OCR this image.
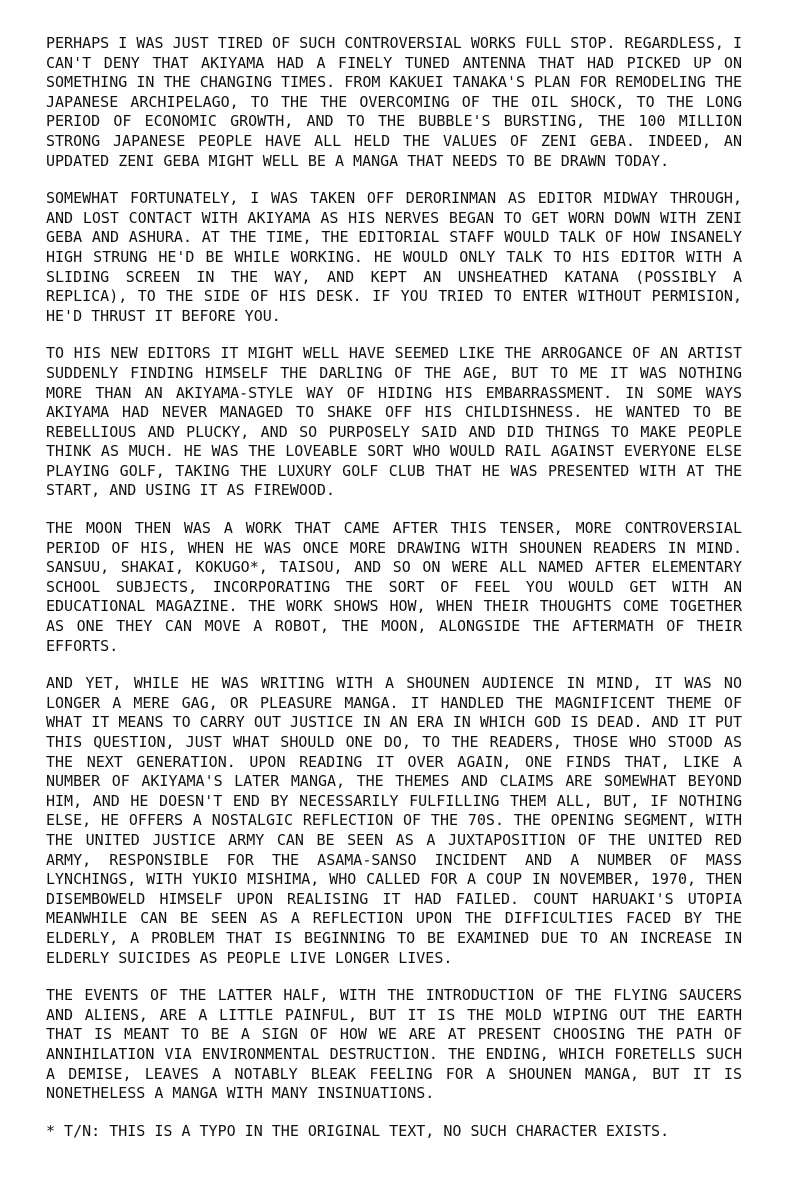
PERHAPS I WAS JUST TIRED OF SUCH CONTROVERSIAL WORKS FULL STOP. REGARDLESS, I CAN'T DENY THAT AKIYAMA HAD A FINELY TUNED ANTENNA THAT HAD PICKED UP ON SOMETHING IN THE CHANGING TIMES. FROM KAKUEI TANAKA'S PLAN FOR REMODELING THE JAPANESE ARCHIPELAGO, TO THE THE OVERCOMING OF THE OIL SHOCK, TO THE LONG PERIOD OF ECONOMIC GROWTH, AND TO THE BUBBLE'S BURSTING, THE 100 MILLION STRONG JAPANESE PEOPLE HAVE ALL HELD THE VALUES OF ZENI GEBA. INDEED, AN UPDATED ZENI GEBA MIGHT WELL BE A MANGA THAT NEEDS TO BE DRAWN TODAY.

SOMEWHAT FORTUNATELY, I WAS TAKEN OFF DERORINMAN AS EDITOR MIDWAY THROUGH, AND LOST CONTACT WITH AKIYAMA AS HIS NERVES BEGAN TO GET WORN DOWN WITH ZENI GEBA AND ASHURA. AT THE TIME, THE EDITORIAL STAFF WOULD TALK OF HOW INSANELY HIGH STRUNG HE'D BE WHILE WORKING. HE WOULD ONLY TALK TO HIS EDITOR WITH A SLIDING SCREEN IN THE WAY, AND KEPT AN UNSHEATHED KATANA (POSSIBLY A REPLICA), TO THE SIDE OF HIS DESK. IF YOU TRIED TO ENTER WITHOUT PERMISION, HE'D THRUST IT BEFORE YOU.

TO HIS NEW EDITORS IT MIGHT WELL HAVE SEEMED LIKE THE ARROGANCE OF AN ARTIST SUDDENLY FINDING HIMSELF THE DARLING OF THE AGE, BUT TO ME IT WAS NOTHING MORE THAN AN AKIYAMA-STYLE WAY OF HIDING HIS EMBARRASSMENT. IN SOME WAYS AKIYAMA HAD NEVER MANAGED TO SHAKE OFF HIS CHILDISHNESS. HE WANTED TO BE REBELLIOUS AND PLUCKY, AND SO PURPOSELY SAID AND DID THINGS TO MAKE PEOPLE THINK AS MUCH. HE WAS THE LOVEABLE SORT WHO WOULD RAIL AGAINST EVERYONE ELSE PLAYING GOLF, TAKING THE LUXURY GOLF CLUB THAT HE WAS PRESENTED WITH AT THE START, AND USING IT AS FIREWOOD.

THE MOON THEN WAS A WORK THAT CAME AFTER THIS TENSER, MORE CONTROVERSIAL PERIOD OF HIS, WHEN HE WAS ONCE MORE DRAWING WITH SHOUNEN READERS IN MIND. SANSUU, SHAKAI, KOKUGO*, TAISOU, AND SO ON WERE ALL NAMED AFTER ELEMENTARY SCHOOL SUBJECTS, INCORPORATING THE SORT OF FEEL YOU WOULD GET WITH AN EDUCATIONAL MAGAZINE. THE WORK SHOWS HOW, WHEN THEIR THOUGHTS COME TOGETHER AS ONE THEY CAN MOVE A ROBOT, THE MOON, ALONGSIDE THE AFTERMATH OF THEIR EFFORTS.

AND YET, WHILE HE WAS WRITING WITH A SHOUNEN AUDIENCE IN MIND, IT WAS NO LONGER A MERE GAG, OR PLEASURE MANGA. IT HANDLED THE MAGNIFICENT THEME OF WHAT IT MEANS TO CARRY OUT JUSTICE IN AN ERA IN WHICH GOD IS DEAD. AND IT PUT THIS QUESTION, JUST WHAT SHOULD ONE DO, TO THE READERS, THOSE WHO STOOD AS THE NEXT GENERATION. UPON READING IT OVER AGAIN, ONE FINDS THAT, LIKE A NUMBER OF AKIYAMA'S LATER MANGA, THE THEMES AND CLAIMS ARE SOMEWHAT BEYOND HIM, AND HE DOESN'T END BY NECESSARILY FULFILLING THEM ALL, BUT, IF NOTHING ELSE, HE OFFERS A NOSTALGIC REFLECTION OF THE 70S. THE OPENING SEGMENT, WITH THE UNITED JUSTICE ARMY CAN BE SEEN AS A JUXTAPOSITION OF THE UNITED RED ARMY, RESPONSIBLE FOR THE ASAMA-SANSO INCIDENT AND A NUMBER OF MASS LYNCHINGS, WITH YUKIO MISHIMA, WHO CALLED FOR A COUP IN NOVEMBER, 1970, THEN DISEMBOWELD HIMSELF UPON REALISING IT HAD FAILED. COUNT HARUAKI'S UTOPIA MEANWHILE CAN BE SEEN AS A REFLECTION UPON THE DIFFICULTIES FACED BY THE ELDERLY, A PROBLEM THAT IS BEGINNING TO BE EXAMINED DUE TO AN INCREASE IN ELDERLY SUICIDES AS PEOPLE LIVE LONGER LIVES.

THE EVENTS OF THE LATTER HALF, WITH THE INTRODUCTION OF THE FLYING SAUCERS AND ALIENS, ARE A LITTLE PAINFUL, BUT IT IS THE MOLD WIPING OUT THE EARTH THAT IS MEANT TO BE A SIGN OF HOW WE ARE AT PRESENT CHOOSING THE PATH OF ANNIHILATION VIA ENVIRONMENTAL DESTRUCTION. THE ENDING, WHICH FORETELLS SUCH A DEMISE, LEAVES A NOTABLY BLEAK FEELING FOR A SHOUNEN MANGA, BUT IT IS NONETHELESS A MANGA WITH MANY INSINUATIONS.

* T/N: THIS IS A TYPO IN THE ORIGINAL TEXT, NO SUCH CHARACTER EXISTS.
